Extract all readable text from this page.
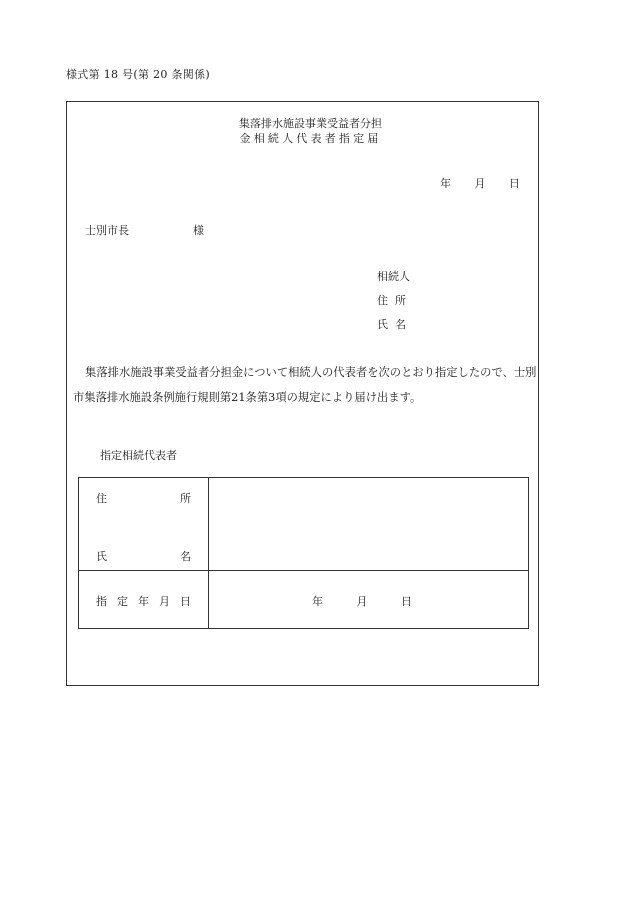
様式第 18 号(第 20 条関係)
集落排水施設事業受益者分担
金相続人代表者指定届
年 月 日
士別市長	様
相続人
住所
氏名
集落排水施設事業受益者分担金について相続人の代表者を次のとおり指定したので、士別市集落排水施設条例施行規則第21条第3項の規定により届け出ます。
指定相続代表者
住 所
氏 名	

指 定 年 月 日	年 月 日
